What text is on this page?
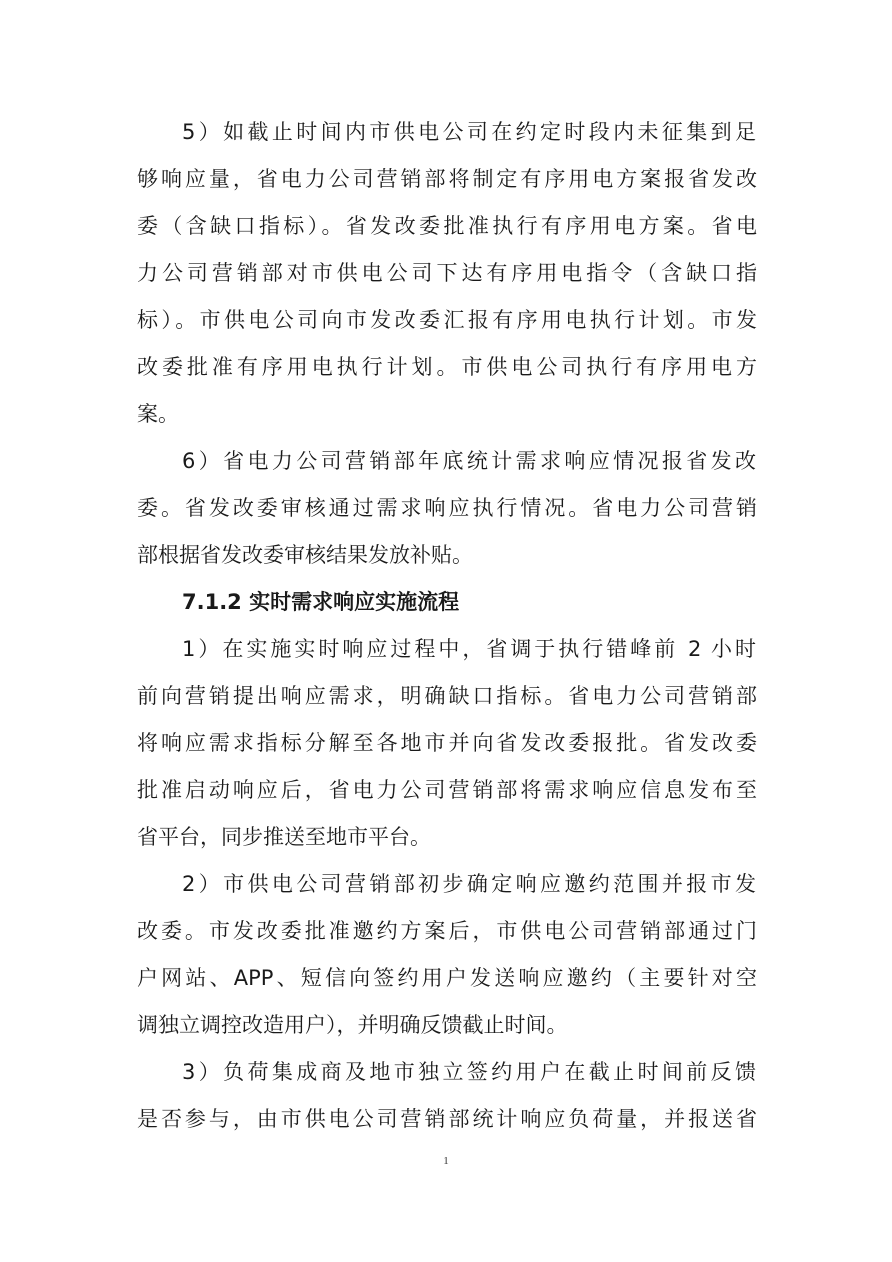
5）如截止时间内市供电公司在约定时段内未征集到足
够响应量，省电力公司营销部将制定有序用电方案报省发改
委（含缺口指标）。省发改委批准执行有序用电方案。省电
力公司营销部对市供电公司下达有序用电指令（含缺口指
标）。市供电公司向市发改委汇报有序用电执行计划。市发
改委批准有序用电执行计划。市供电公司执行有序用电方
案。
6）省电力公司营销部年底统计需求响应情况报省发改
委。省发改委审核通过需求响应执行情况。省电力公司营销
部根据省发改委审核结果发放补贴。
7.1.2 实时需求响应实施流程
1）在实施实时响应过程中，省调于执行错峰前 2 小时
前向营销提出响应需求，明确缺口指标。省电力公司营销部
将响应需求指标分解至各地市并向省发改委报批。省发改委
批准启动响应后，省电力公司营销部将需求响应信息发布至
省平台，同步推送至地市平台。
2）市供电公司营销部初步确定响应邀约范围并报市发
改委。市发改委批准邀约方案后，市供电公司营销部通过门
户网站、APP、短信向签约用户发送响应邀约（主要针对空
调独立调控改造用户），并明确反馈截止时间。
3）负荷集成商及地市独立签约用户在截止时间前反馈
是否参与，由市供电公司营销部统计响应负荷量，并报送省
1
